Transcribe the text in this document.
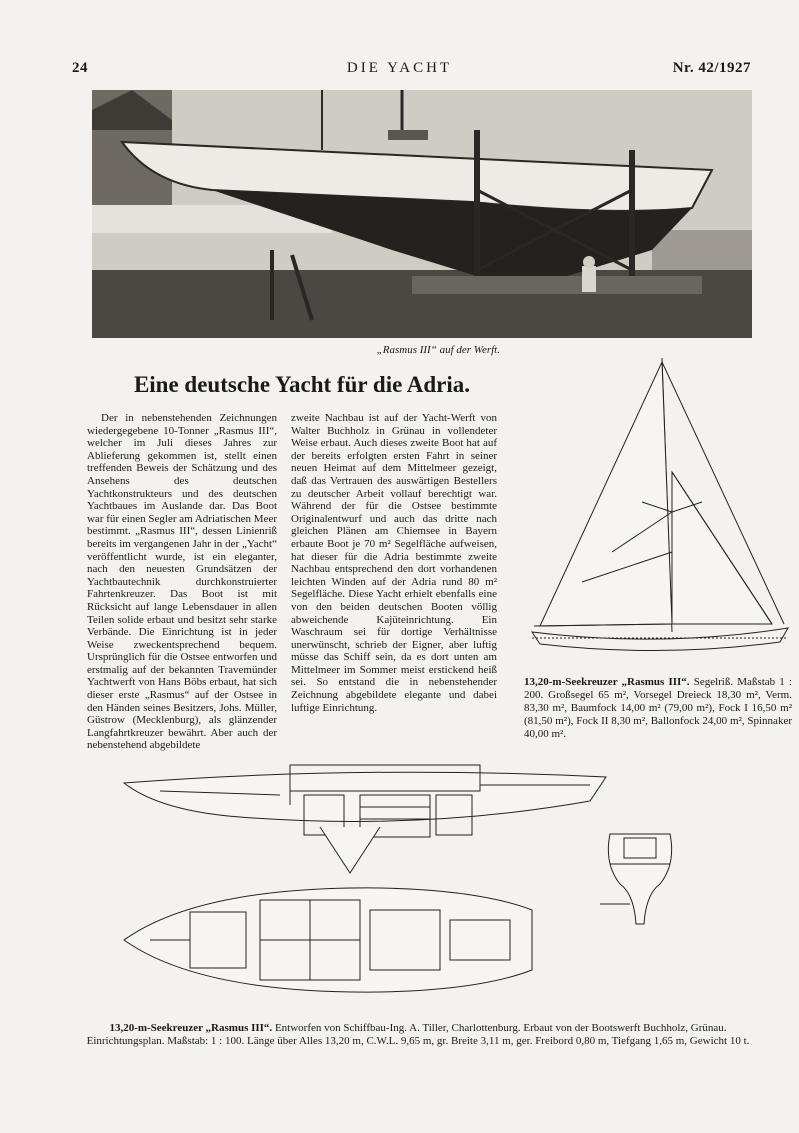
24	DIE YACHT	Nr. 42/1927
„Rasmus III“ auf der Werft.
Eine deutsche Yacht für die Adria.

Der in nebenstehenden Zeichnungen wiedergegebene 10-Tonner „Rasmus III“, welcher im Juli dieses Jahres zur Ablieferung gekommen ist, stellt einen treffenden Beweis der Schätzung und des Ansehens des deutschen Yachtkonstrukteurs und des deutschen Yachtbaues im Auslande dar. Das Boot war für einen Segler am Adriatischen Meer bestimmt. „Rasmus III“, dessen Linienriß bereits im vergangenen Jahr in der „Yacht“ veröffentlicht wurde, ist ein eleganter, nach den neuesten Grundsätzen der Yachtbautechnik durchkonstruierter Fahrtenkreuzer. Das Boot ist mit Rücksicht auf lange Lebensdauer in allen Teilen solide erbaut und besitzt sehr starke Verbände. Die Einrichtung ist in jeder Weise zweckentsprechend bequem. Ursprünglich für die Ostsee entworfen und erstmalig auf der bekannten Travemünder Yachtwerft von Hans Böbs erbaut, hat sich dieser erste „Rasmus“ auf der Ostsee in den Händen seines Besitzers, Johs. Müller, Güstrow (Mecklenburg), als glänzender Langfahrtkreuzer bewährt. Aber auch der nebenstehend abgebildete

zweite Nachbau ist auf der Yacht-Werft von Walter Buchholz in Grünau in vollendeter Weise erbaut. Auch dieses zweite Boot hat auf der bereits erfolgten ersten Fahrt in seiner neuen Heimat auf dem Mittelmeer gezeigt, daß das Vertrauen des auswärtigen Bestellers zu deutscher Arbeit vollauf berechtigt war. Während der für die Ostsee bestimmte Originalentwurf und auch das dritte nach gleichen Plänen am Chiemsee in Bayern erbaute Boot je 70 m² Segelfläche aufweisen, hat dieser für die Adria bestimmte zweite Nachbau entsprechend den dort vorhandenen leichten Winden auf der Adria rund 80 m² Segelfläche. Diese Yacht erhielt ebenfalls eine von den beiden deutschen Booten völlig abweichende Kajüteinrichtung. Ein Waschraum sei für dortige Verhältnisse unerwünscht, schrieb der Eigner, aber luftig müsse das Schiff sein, da es dort unten am Mittelmeer im Sommer meist erstickend heiß sei. So entstand die in nebenstehender Zeichnung abgebildete elegante und dabei luftige Einrichtung.

13,20-m-Seekreuzer „Rasmus III“. Segelriß. Maßstab 1 : 200. Großsegel 65 m², Vorsegel Dreieck 18,30 m², Verm. 83,30 m², Baumfock 14,00 m² (79,00 m²), Fock I 16,50 m² (81,50 m²), Fock II 8,30 m², Ballonfock 24,00 m², Spinnaker 40,00 m².
13,20-m-Seekreuzer „Rasmus III“. Entworfen von Schiffbau-Ing. A. Tiller, Charlottenburg. Erbaut von der Bootswerft Buchholz, Grünau. Einrichtungsplan. Maßstab: 1 : 100. Länge über Alles 13,20 m, C.W.L. 9,65 m, gr. Breite 3,11 m, ger. Freibord 0,80 m, Tiefgang 1,65 m, Gewicht 10 t.
